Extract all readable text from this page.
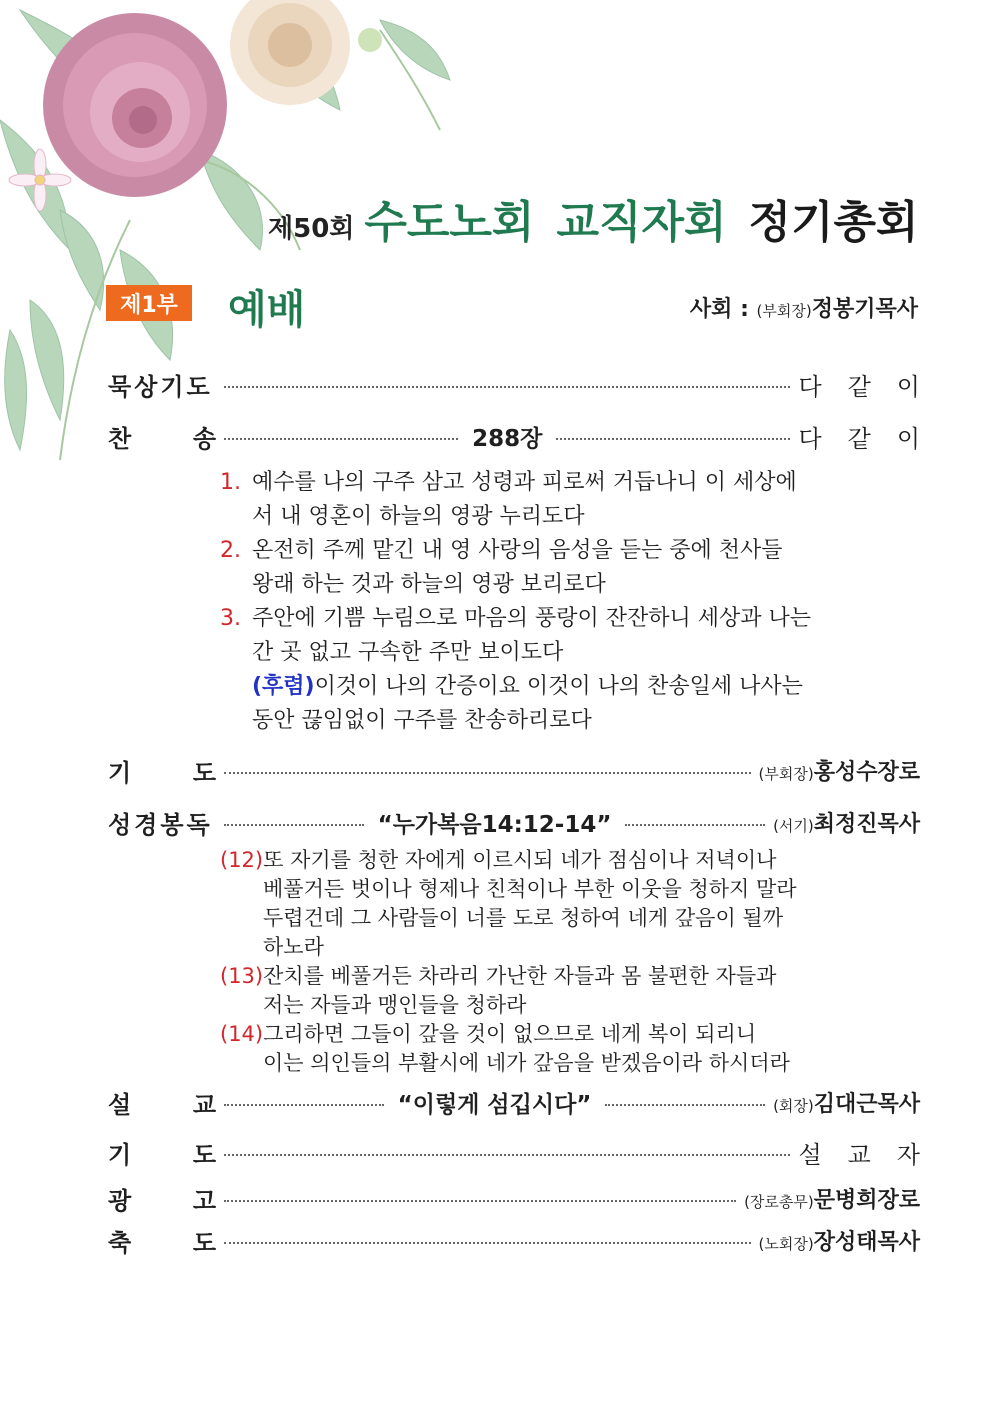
제50회 수도노회 교직자회 정기총회
제1부	예배	사회 : (부회장)정봉기목사
묵상기도	다같이
찬	송	288장	다같이
1. 예수를 나의 구주 삼고 성령과 피로써 거듭나니 이 세상에
서 내 영혼이 하늘의 영광 누리도다
2. 온전히 주께 맡긴 내 영 사랑의 음성을 듣는 중에 천사들
왕래 하는 것과 하늘의 영광 보리로다
3. 주안에 기쁨 누림으로 마음의 풍랑이 잔잔하니 세상과 나는
간 곳 없고 구속한 주만 보이도다
(후렴)이것이 나의 간증이요 이것이 나의 찬송일세 나사는
동안 끊임없이 구주를 찬송하리로다
기	도	(부회장)홍성수장로
성경봉독	“누가복음14:12-14”	(서기)최정진목사
(12) 또 자기를 청한 자에게 이르시되 네가 점심이나 저녁이나
베풀거든 벗이나 형제나 친척이나 부한 이웃을 청하지 말라
두렵건데 그 사람들이 너를 도로 청하여 네게 갚음이 될까
하노라
(13) 잔치를 베풀거든 차라리 가난한 자들과 몸 불편한 자들과
저는 자들과 맹인들을 청하라
(14) 그리하면 그들이 갚을 것이 없으므로 네게 복이 되리니
이는 의인들의 부활시에 네가 갚음을 받겠음이라 하시더라
설	교	“이렇게 섬깁시다”	(회장)김대근목사
기	도	설교자
광	고	(장로총무)문병희장로
축	도	(노회장)장성태목사
